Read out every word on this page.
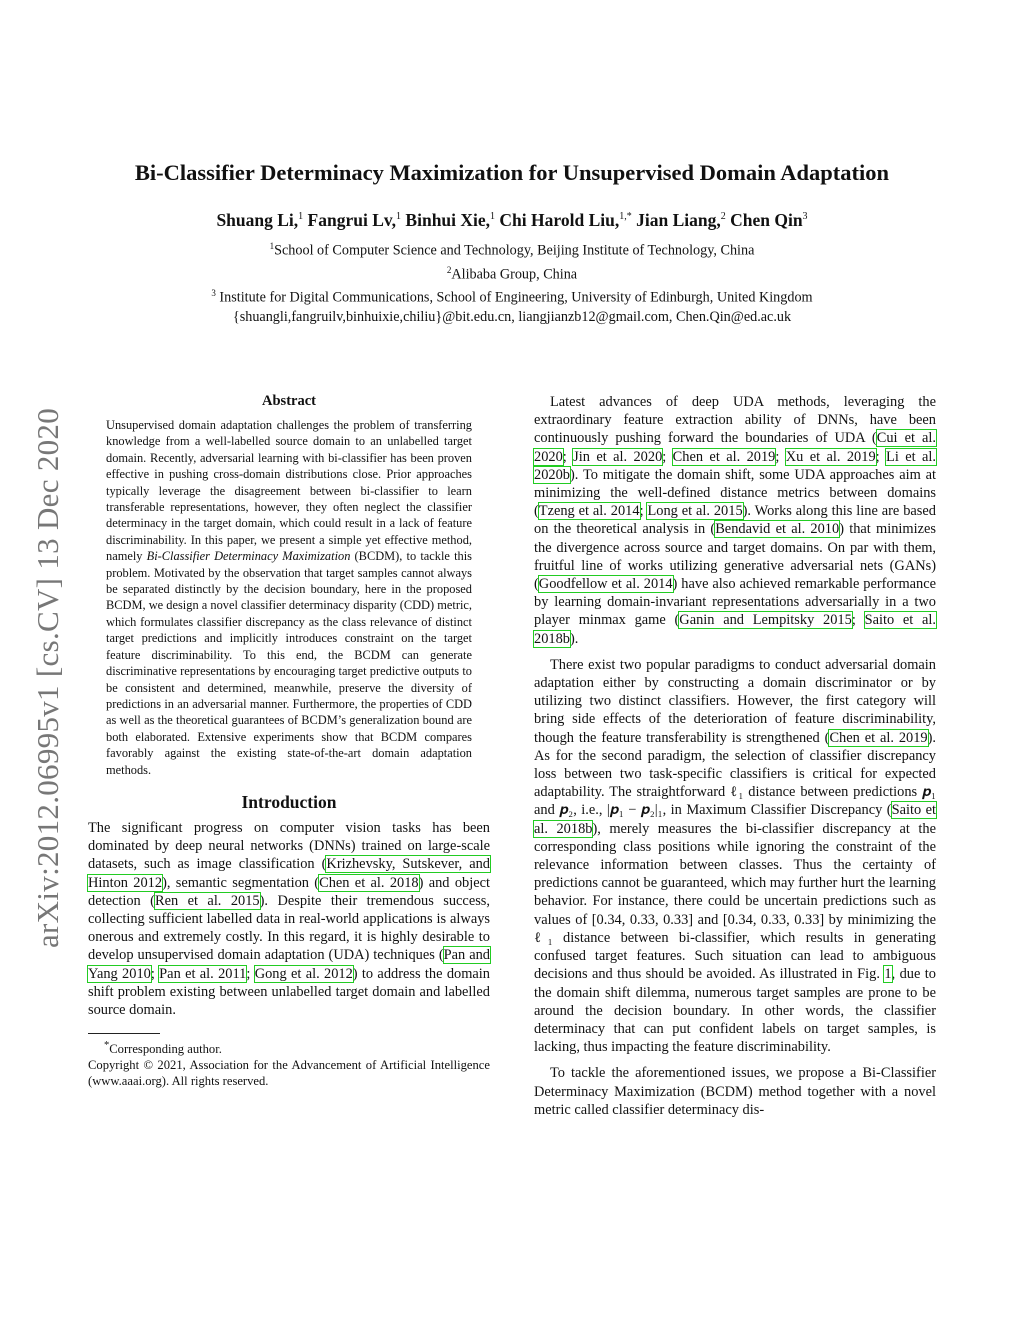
arXiv:2012.06995v1 [cs.CV] 13 Dec 2020
Bi-Classifier Determinacy Maximization for Unsupervised Domain Adaptation
Shuang Li,$^1$ Fangrui Lv,$^1$ Binhui Xie,$^1$ Chi Harold Liu,$^{1,*}$ Jian Liang,$^2$ Chen Qin$^3$
$^1$School of Computer Science and Technology, Beijing Institute of Technology, China
$^2$Alibaba Group, China
$^3$ Institute for Digital Communications, School of Engineering, University of Edinburgh, United Kingdom
{shuangli,fangruilv,binhuixie,chiliu}@bit.edu.cn, liangjianzb12@gmail.com, Chen.Qin@ed.ac.uk
Abstract

Unsupervised domain adaptation challenges the problem of transferring knowledge from a well-labelled source domain to an unlabelled target domain. Recently, adversarial learning with bi-classifier has been proven effective in pushing cross-domain distributions close. Prior approaches typically leverage the disagreement between bi-classifier to learn transferable representations, however, they often neglect the classifier determinacy in the target domain, which could result in a lack of feature discriminability. In this paper, we present a simple yet effective method, namely Bi-Classifier Determinacy Maximization (BCDM), to tackle this problem. Motivated by the observation that target samples cannot always be separated distinctly by the decision boundary, here in the proposed BCDM, we design a novel classifier determinacy disparity (CDD) metric, which formulates classifier discrepancy as the class relevance of distinct target predictions and implicitly introduces constraint on the target feature discriminability. To this end, the BCDM can generate discriminative representations by encouraging target predictive outputs to be consistent and determined, meanwhile, preserve the diversity of predictions in an adversarial manner. Furthermore, the properties of CDD as well as the theoretical guarantees of BCDM’s generalization bound are both elaborated. Extensive experiments show that BCDM compares favorably against the existing state-of-the-art domain adaptation methods.

Introduction

The significant progress on computer vision tasks has been dominated by deep neural networks (DNNs) trained on large-scale datasets, such as image classification (Krizhevsky, Sutskever, and Hinton 2012), semantic segmentation (Chen et al. 2018) and object detection (Ren et al. 2015). Despite their tremendous success, collecting sufficient labelled data in real-world applications is always onerous and extremely costly. In this regard, it is highly desirable to develop unsupervised domain adaptation (UDA) techniques (Pan and Yang 2010; Pan et al. 2011; Gong et al. 2012) to address the domain shift problem existing between unlabelled target domain and labelled source domain.

*Corresponding author.

Copyright © 2021, Association for the Advancement of Artificial Intelligence (www.aaai.org). All rights reserved.

Latest advances of deep UDA methods, leveraging the extraordinary feature extraction ability of DNNs, have been continuously pushing forward the boundaries of UDA (Cui et al. 2020; Jin et al. 2020; Chen et al. 2019; Xu et al. 2019; Li et al. 2020b). To mitigate the domain shift, some UDA approaches aim at minimizing the well-defined distance metrics between domains (Tzeng et al. 2014; Long et al. 2015). Works along this line are based on the theoretical analysis in (Bendavid et al. 2010) that minimizes the divergence across source and target domains. On par with them, fruitful line of works utilizing generative adversarial nets (GANs) (Goodfellow et al. 2014) have also achieved remarkable performance by learning domain-invariant representations adversarially in a two player minmax game (Ganin and Lempitsky 2015; Saito et al. 2018b).

There exist two popular paradigms to conduct adversarial domain adaptation either by constructing a domain discriminator or by utilizing two distinct classifiers. However, the first category will bring side effects of the deterioration of feature discriminability, though the feature transferability is strengthened (Chen et al. 2019). As for the second paradigm, the selection of classifier discrepancy loss between two task-specific classifiers is critical for expected adaptability. The straightforward ℓ₁ distance between predictions 𝒑₁ and 𝒑₂, i.e., |𝒑₁ − 𝒑₂|₁, in Maximum Classifier Discrepancy (Saito et al. 2018b), merely measures the bi-classifier discrepancy at the corresponding class positions while ignoring the constraint of the relevance information between classes. Thus the certainty of predictions cannot be guaranteed, which may further hurt the learning behavior. For instance, there could be uncertain predictions such as values of [0.34, 0.33, 0.33] and [0.34, 0.33, 0.33] by minimizing the ℓ₁ distance between bi-classifier, which results in generating confused target features. Such situation can lead to ambiguous decisions and thus should be avoided. As illustrated in Fig. 1, due to the domain shift dilemma, numerous target samples are prone to be around the decision boundary. In other words, the classifier determinacy that can put confident labels on target samples, is lacking, thus impacting the feature discriminability.

To tackle the aforementioned issues, we propose a Bi-Classifier Determinacy Maximization (BCDM) method together with a novel metric called classifier determinacy dis-
